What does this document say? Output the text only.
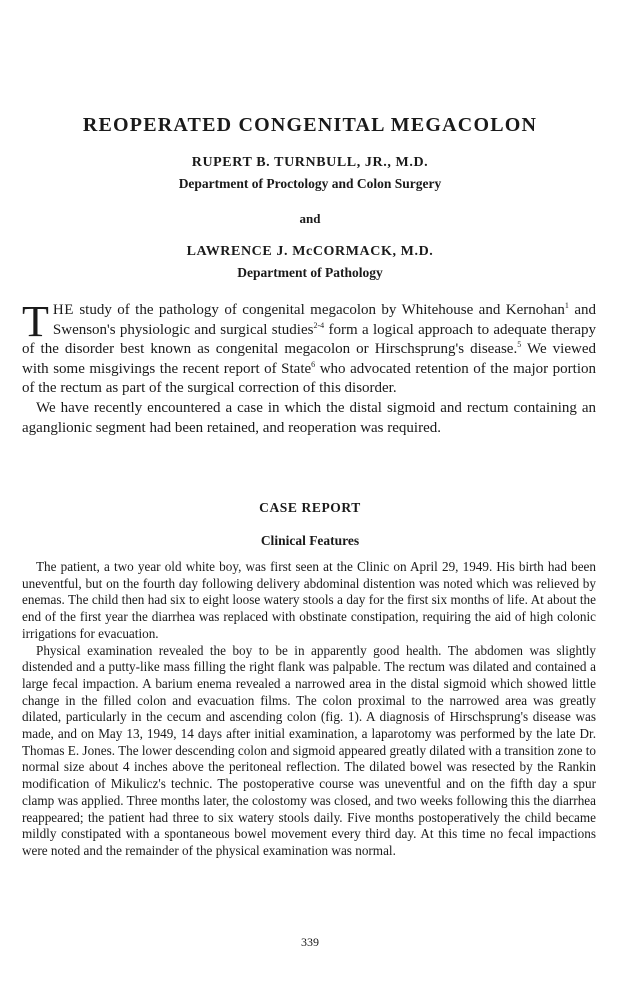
REOPERATED CONGENITAL MEGACOLON
RUPERT B. TURNBULL, JR., M.D.
Department of Proctology and Colon Surgery
and
LAWRENCE J. McCORMACK, M.D.
Department of Pathology

THE study of the pathology of congenital megacolon by Whitehouse and Kernohan$^1$ and Swenson's physiologic and surgical studies$^{2-4}$ form a logical approach to adequate therapy of the disorder best known as congenital megacolon or Hirschsprung's disease.$^5$ We viewed with some misgivings the recent report of State$^6$ who advocated retention of the major portion of the rectum as part of the surgical correction of this disorder.

We have recently encountered a case in which the distal sigmoid and rectum containing an aganglionic segment had been retained, and reoperation was required.

CASE REPORT
Clinical Features

The patient, a two year old white boy, was first seen at the Clinic on April 29, 1949. His birth had been uneventful, but on the fourth day following delivery abdominal distention was noted which was relieved by enemas. The child then had six to eight loose watery stools a day for the first six months of life. At about the end of the first year the diarrhea was replaced with obstinate constipation, requiring the aid of high colonic irrigations for evacuation.

Physical examination revealed the boy to be in apparently good health. The abdomen was slightly distended and a putty-like mass filling the right flank was palpable. The rectum was dilated and contained a large fecal impaction. A barium enema revealed a narrowed area in the distal sigmoid which showed little change in the filled colon and evacuation films. The colon proximal to the narrowed area was greatly dilated, particularly in the cecum and ascending colon (fig. 1). A diagnosis of Hirschsprung's disease was made, and on May 13, 1949, 14 days after initial examination, a laparotomy was performed by the late Dr. Thomas E. Jones. The lower descending colon and sigmoid appeared greatly dilated with a transition zone to normal size about 4 inches above the peritoneal reflection. The dilated bowel was resected by the Rankin modification of Mikulicz's technic. The postoperative course was uneventful and on the fifth day a spur clamp was applied. Three months later, the colostomy was closed, and two weeks following this the diarrhea reappeared; the patient had three to six watery stools daily. Five months postoperatively the child became mildly constipated with a spontaneous bowel movement every third day. At this time no fecal impactions were noted and the remainder of the physical examination was normal.

339
